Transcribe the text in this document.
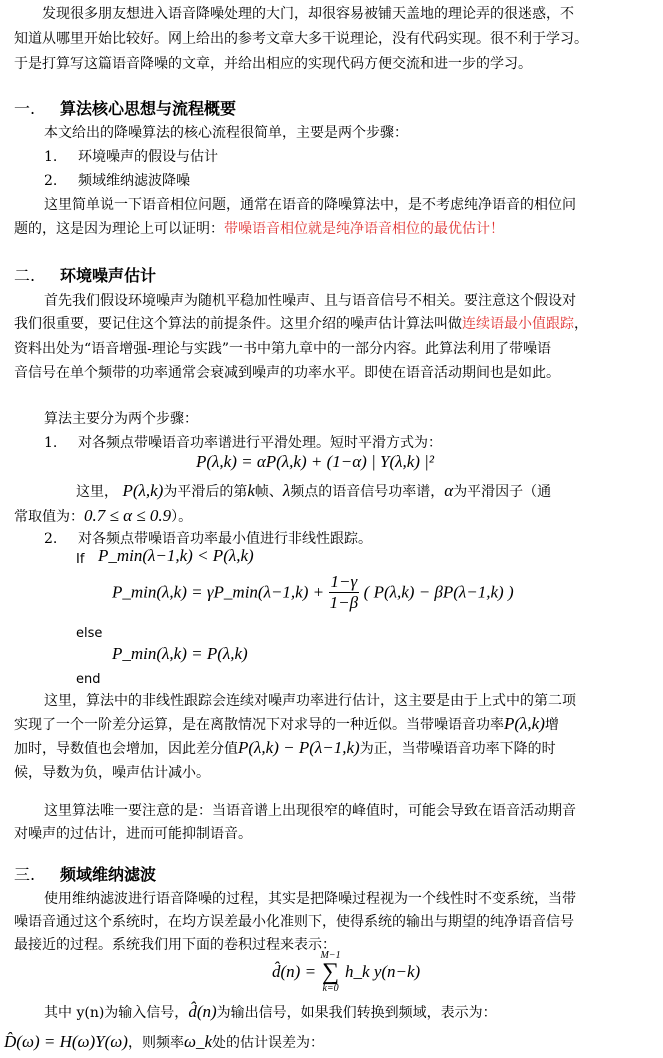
发现很多朋友想进入语音降噪处理的大门，却很容易被铺天盖地的理论弄的很迷惑，不
知道从哪里开始比较好。网上给出的参考文章大多干说理论，没有代码实现。很不利于学习。
于是打算写这篇语音降噪的文章，并给出相应的实现代码方便交流和进一步的学习。
一. 算法核心思想与流程概要
本文给出的降噪算法的核心流程很简单，主要是两个步骤：
1. 环境噪声的假设与估计
2. 频域维纳滤波降噪
这里简单说一下语音相位问题，通常在语音的降噪算法中，是不考虑纯净语音的相位问
题的，这是因为理论上可以证明：带噪语音相位就是纯净语音相位的最优估计！
二. 环境噪声估计
首先我们假设环境噪声为随机平稳加性噪声、且与语音信号不相关。要注意这个假设对
我们很重要，要记住这个算法的前提条件。这里介绍的噪声估计算法叫做连续语最小值跟踪，
资料出处为“语音增强-理论与实践”一书中第九章中的一部分内容。此算法利用了带噪语
音信号在单个频带的功率通常会衰减到噪声的功率水平。即使在语音活动期间也是如此。
算法主要分为两个步骤：
1. 对各频点带噪语音功率谱进行平滑处理。短时平滑方式为：
P(λ,k) = αP(λ,k) + (1−α) | Y(λ,k) |²
这里， P(λ,k)为平滑后的第k帧、λ频点的语音信号功率谱，α为平滑因子（通
常取值为：0.7 ≤ α ≤ 0.9）。
2. 对各频点带噪语音功率最小值进行非线性跟踪。
If P_min(λ−1,k) < P(λ,k)
P_min(λ,k) = γP_min(λ−1,k) + $\frac{1-\gamma}{1-\beta}$ ( P(λ,k) − βP(λ−1,k) )
else
P_min(λ,k) = P(λ,k)
end
这里，算法中的非线性跟踪会连续对噪声功率进行估计，这主要是由于上式中的第二项
实现了一个一阶差分运算，是在离散情况下对求导的一种近似。当带噪语音功率P(λ,k)增
加时，导数值也会增加，因此差分值P(λ,k) − P(λ−1,k)为正，当带噪语音功率下降的时
候，导数为负，噪声估计减小。
这里算法唯一要注意的是：当语音谱上出现很窄的峰值时，可能会导致在语音活动期音
对噪声的过估计，进而可能抑制语音。
三. 频域维纳滤波
使用维纳滤波进行语音降噪的过程，其实是把降噪过程视为一个线性时不变系统，当带
噪语音通过这个系统时，在均方误差最小化准则下，使得系统的输出与期望的纯净语音信号
最接近的过程。系统我们用下面的卷积过程来表示：
d̂(n) =
M−1
∑
k=0
h_k y(n−k)
其中 y(n)为输入信号，d̂(n)为输出信号，如果我们转换到频域，表示为：
D̂(ω) = H(ω)Y(ω)，则频率ω_k处的估计误差为：
